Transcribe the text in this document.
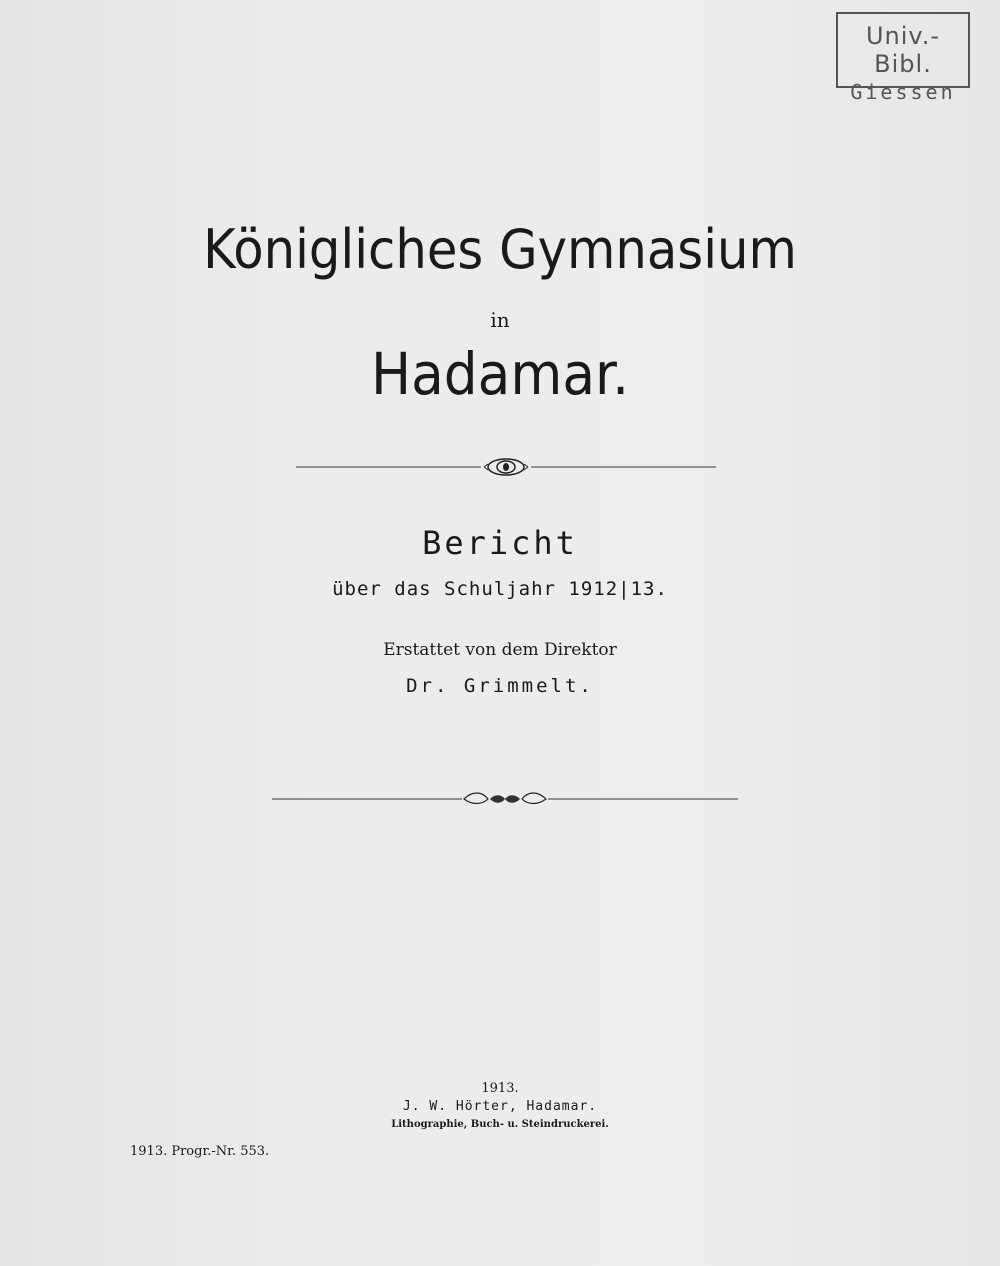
Univ.-Bibl.
Giessen
Königliches Gymnasium
in
Hadamar.
Bericht
über das Schuljahr 1912|13.
Erstattet von dem Direktor
Dr. Grimmelt.
1913.
J. W. Hörter, Hadamar.
Lithographie, Buch- u. Steindruckerei.
1913. Progr.-Nr. 553.
